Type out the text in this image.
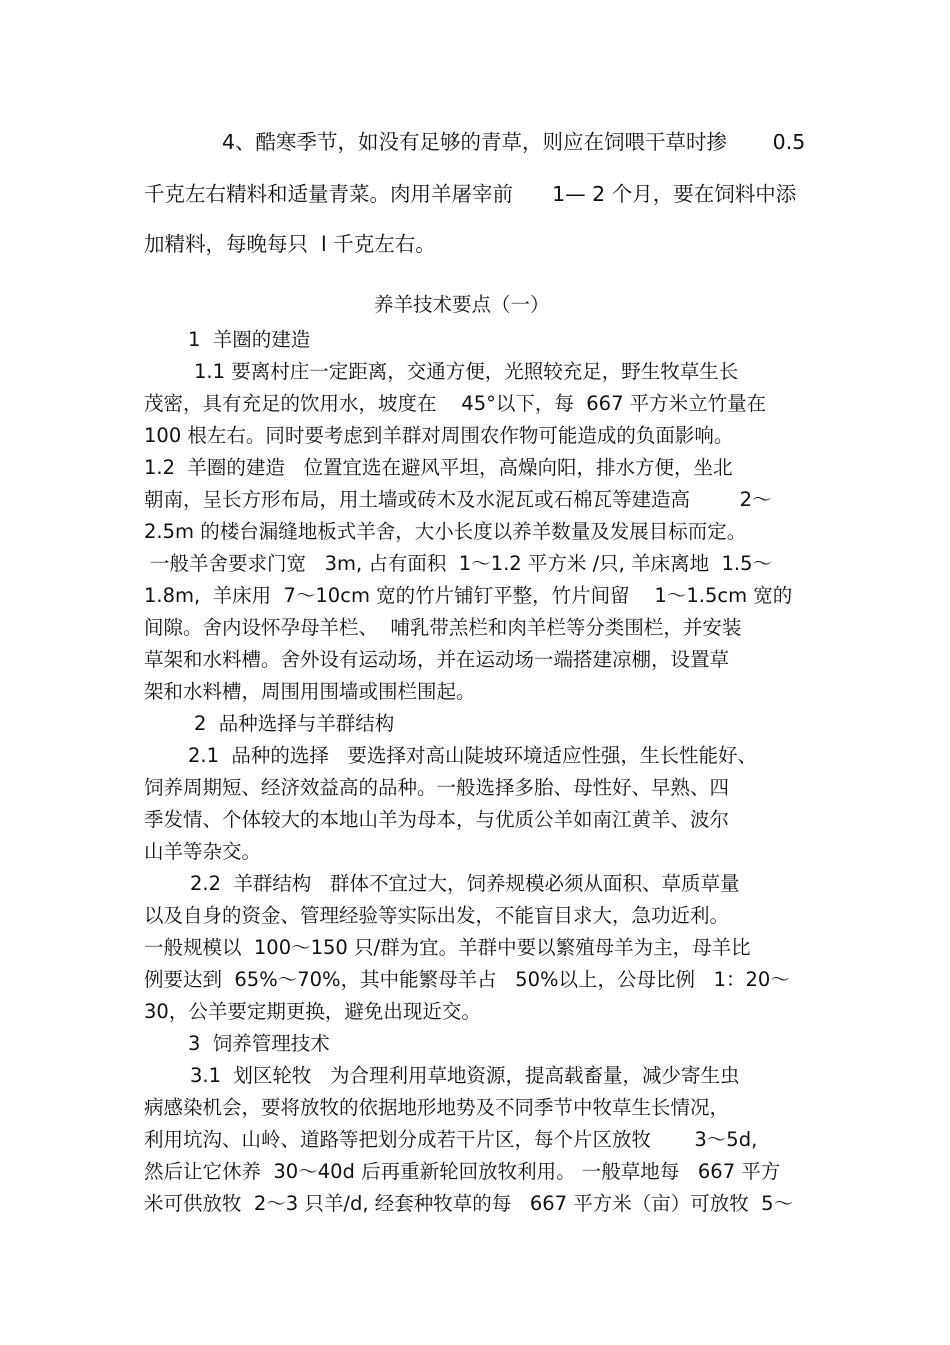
4、酷寒季节，如没有足够的青草，则应在饲喂干草时掺       0.5
千克左右精料和适量青菜。肉用羊屠宰前      1— 2 个月，要在饲料中添
加精料，每晚每只  l 千克左右。
养羊技术要点（一）
1  羊圈的建造
1.1 要离村庄一定距离，交通方便，光照较充足，野生牧草生长
茂密，具有充足的饮用水，坡度在    45°以下，每  667 平方米立竹量在
100 根左右。同时要考虑到羊群对周围农作物可能造成的负面影响。
1.2  羊圈的建造   位置宜选在避风平坦，高燥向阳，排水方便，坐北
朝南，呈长方形布局，用土墙或砖木及水泥瓦或石棉瓦等建造高        2～
2.5m 的楼台漏缝地板式羊舍，大小长度以养羊数量及发展目标而定。
一般羊舍要求门宽   3m, 占有面积  1～1.2 平方米 /只, 羊床离地  1.5～
1.8m,  羊床用  7～10cm 宽的竹片铺钉平整，竹片间留    1～1.5cm 宽的
间隙。舍内设怀孕母羊栏、  哺乳带羔栏和肉羊栏等分类围栏，并安装
草架和水料槽。舍外设有运动场，并在运动场一端搭建凉棚，设置草
架和水料槽，周围用围墙或围栏围起。
2  品种选择与羊群结构
2.1  品种的选择   要选择对高山陡坡环境适应性强，生长性能好、
饲养周期短、经济效益高的品种。一般选择多胎、母性好、早熟、四
季发情、个体较大的本地山羊为母本，与优质公羊如南江黄羊、波尔
山羊等杂交。
2.2  羊群结构   群体不宜过大，饲养规模必须从面积、草质草量
以及自身的资金、管理经验等实际出发，不能盲目求大，急功近利。
一般规模以  100～150 只/群为宜。羊群中要以繁殖母羊为主，母羊比
例要达到  65%～70%，其中能繁母羊占   50%以上，公母比例   1：20～
30，公羊要定期更换，避免出现近交。
3  饲养管理技术
3.1  划区轮牧   为合理利用草地资源，提高载畜量，减少寄生虫
病感染机会，要将放牧的依据地形地势及不同季节中牧草生长情况，
利用坑沟、山岭、道路等把划分成若干片区，每个片区放牧       3～5d,
然后让它休养  30～40d 后再重新轮回放牧利用。 一般草地每   667 平方
米可供放牧  2～3 只羊/d, 经套种牧草的每   667 平方米（亩）可放牧  5～
